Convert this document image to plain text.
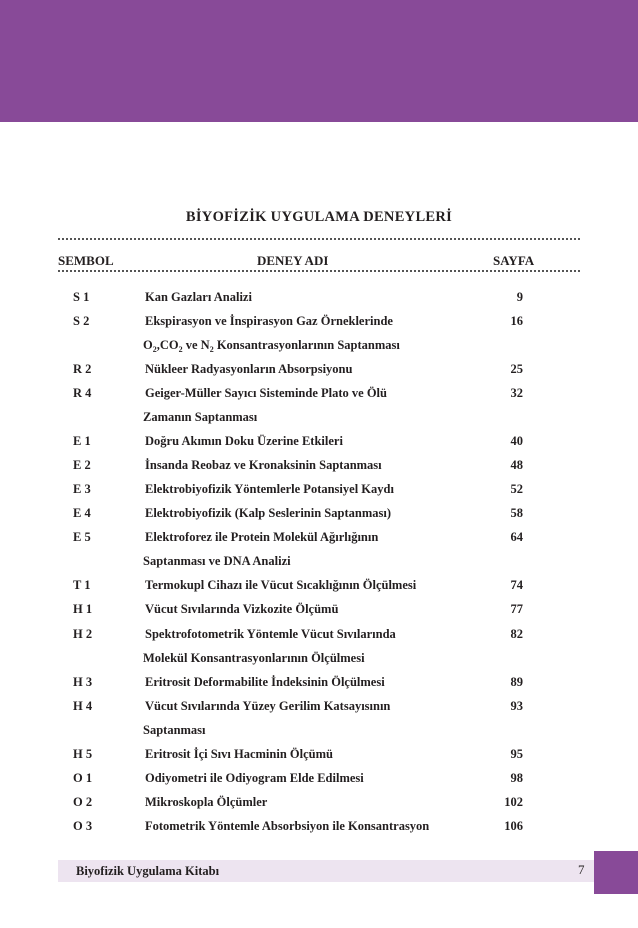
BİYOFİZİK UYGULAMA DENEYLERİ
SEMBOL	DENEY ADI	SAYFA
S 1	Kan Gazları Analizi	9
S 2	Ekspirasyon ve İnspirasyon Gaz Örneklerinde	16
$O_2,CO_2$ ve $N_2$ Konsantrasyonlarının Saptanması
R 2	Nükleer Radyasyonların Absorpsiyonu	25
R 4	Geiger-Müller Sayıcı Sisteminde Plato ve Ölü	32
Zamanın Saptanması
E 1	Doğru Akımın Doku Üzerine Etkileri	40
E 2	İnsanda Reobaz ve Kronaksinin Saptanması	48
E 3	Elektrobiyofizik Yöntemlerle Potansiyel Kaydı	52
E 4	Elektrobiyofizik (Kalp Seslerinin Saptanması)	58
E 5	Elektroforez ile Protein Molekül Ağırlığının	64
Saptanması ve DNA Analizi
T 1	Termokupl Cihazı ile Vücut Sıcaklığının Ölçülmesi	74
H 1	Vücut Sıvılarında Vizkozite Ölçümü	77
H 2	Spektrofotometrik Yöntemle Vücut Sıvılarında	82
Molekül Konsantrasyonlarının Ölçülmesi
H 3	Eritrosit Deformabilite İndeksinin Ölçülmesi	89
H 4	Vücut Sıvılarında Yüzey Gerilim Katsayısının	93
Saptanması
H 5	Eritrosit İçi Sıvı Hacminin Ölçümü	95
O 1	Odiyometri ile Odiyogram Elde Edilmesi	98
O 2	Mikroskopla Ölçümler	102
O 3	Fotometrik Yöntemle Absorbsiyon ile Konsantrasyon	106
Biyofizik Uygulama Kitabı	7
